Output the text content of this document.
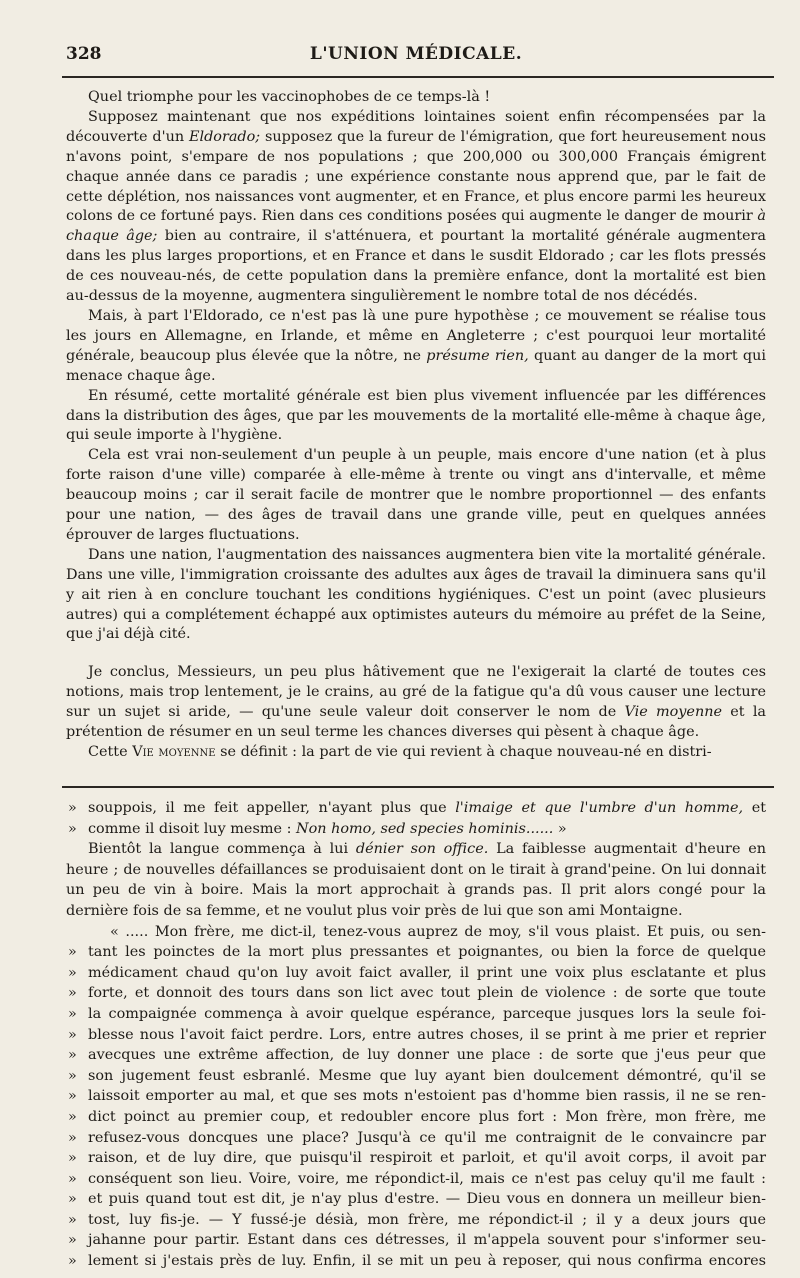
328	L'UNION MÉDICALE.

Quel triomphe pour les vaccinophobes de ce temps-là !

Supposez maintenant que nos expéditions lointaines soient enfin récompensées par la découverte d'un Eldorado; supposez que la fureur de l'émigration, que fort heureusement nous n'avons point, s'empare de nos populations ; que 200,000 ou 300,000 Français émigrent chaque année dans ce paradis ; une expérience constante nous apprend que, par le fait de cette déplétion, nos naissances vont augmenter, et en France, et plus encore parmi les heureux colons de ce fortuné pays. Rien dans ces conditions posées qui augmente le danger de mourir à chaque âge; bien au contraire, il s'atténuera, et pourtant la mortalité générale augmentera dans les plus larges proportions, et en France et dans le susdit Eldorado ; car les flots pressés de ces nouveau-nés, de cette population dans la première enfance, dont la mortalité est bien au-dessus de la moyenne, augmentera singulièrement le nombre total de nos décédés.

Mais, à part l'Eldorado, ce n'est pas là une pure hypothèse ; ce mouvement se réalise tous les jours en Allemagne, en Irlande, et même en Angleterre ; c'est pourquoi leur mortalité générale, beaucoup plus élevée que la nôtre, ne présume rien, quant au danger de la mort qui menace chaque âge.

En résumé, cette mortalité générale est bien plus vivement influencée par les différences dans la distribution des âges, que par les mouvements de la mortalité elle-même à chaque âge, qui seule importe à l'hygiène.

Cela est vrai non-seulement d'un peuple à un peuple, mais encore d'une nation (et à plus forte raison d'une ville) comparée à elle-même à trente ou vingt ans d'intervalle, et même beaucoup moins ; car il serait facile de montrer que le nombre proportionnel — des enfants pour une nation, — des âges de travail dans une grande ville, peut en quelques années éprouver de larges fluctuations.

Dans une nation, l'augmentation des naissances augmentera bien vite la mortalité générale. Dans une ville, l'immigration croissante des adultes aux âges de travail la diminuera sans qu'il y ait rien à en conclure touchant les conditions hygiéniques. C'est un point (avec plusieurs autres) qui a complétement échappé aux optimistes auteurs du mémoire au préfet de la Seine, que j'ai déjà cité.

Je conclus, Messieurs, un peu plus hâtivement que ne l'exigerait la clarté de toutes ces notions, mais trop lentement, je le crains, au gré de la fatigue qu'a dû vous causer une lecture sur un sujet si aride, — qu'une seule valeur doit conserver le nom de Vie moyenne et la prétention de résumer en un seul terme les chances diverses qui pèsent à chaque âge.

Cette Vie moyenne se définit : la part de vie qui revient à chaque nouveau-né en distri-

» souppois, il me feit appeller, n'ayant plus que l'imaige et que l'umbre d'un homme, et

» comme il disoit luy mesme : Non homo, sed species hominis...... »

Bientôt la langue commença à lui dénier son office. La faiblesse augmentait d'heure en heure ; de nouvelles défaillances se produisaient dont on le tirait à grand'peine. On lui donnait un peu de vin à boire. Mais la mort approchait à grands pas. Il prit alors congé pour la dernière fois de sa femme, et ne voulut plus voir près de lui que son ami Montaigne.

« ..... Mon frère, me dict-il, tenez-vous auprez de moy, s'il vous plaist. Et puis, ou sen-

» tant les poinctes de la mort plus pressantes et poignantes, ou bien la force de quelque

» médicament chaud qu'on luy avoit faict avaller, il print une voix plus esclatante et plus

» forte, et donnoit des tours dans son lict avec tout plein de violence : de sorte que toute

» la compaignée commença à avoir quelque espérance, parceque jusques lors la seule foi-

» blesse nous l'avoit faict perdre. Lors, entre autres choses, il se print à me prier et reprier

» avecques une extrême affection, de luy donner une place : de sorte que j'eus peur que

» son jugement feust esbranlé. Mesme que luy ayant bien doulcement démontré, qu'il se

» laissoit emporter au mal, et que ses mots n'estoient pas d'homme bien rassis, il ne se ren-

» dict poinct au premier coup, et redoubler encore plus fort : Mon frère, mon frère, me

» refusez-vous doncques une place? Jusqu'à ce qu'il me contraignit de le convaincre par

» raison, et de luy dire, que puisqu'il respiroit et parloit, et qu'il avoit corps, il avoit par

» conséquent son lieu. Voire, voire, me répondict-il, mais ce n'est pas celuy qu'il me fault :

» et puis quand tout est dit, je n'ay plus d'estre. — Dieu vous en donnera un meilleur bien-

» tost, luy fis-je. — Y fussé-je désià, mon frère, me répondict-il ; il y a deux jours que

» jahanne pour partir. Estant dans ces détresses, il m'appela souvent pour s'informer seu-

» lement si j'estais près de luy. Enfin, il se mit un peu à reposer, qui nous confirma encores
